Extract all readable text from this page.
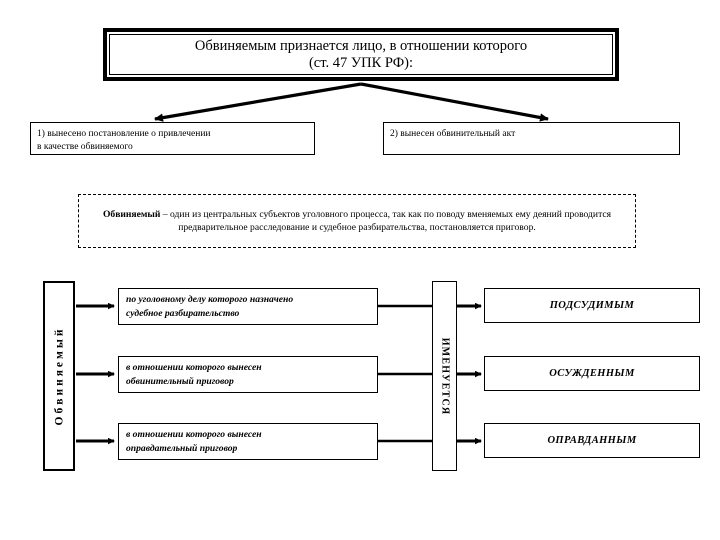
Обвиняемым признается лицо, в отношении которого
(ст. 47 УПК РФ):
1) вынесено постановление о привлечении
в качестве обвиняемого
2) вынесен обвинительный акт
Обвиняемый – один из центральных субъектов уголовного процесса, так как по поводу вменяемых ему деяний проводится предварительное расследование и судебное разбирательства, постановляется приговор.
Обвиняемый
по уголовному делу которого назначено
судебное разбирательство
в отношении которого вынесен
обвинительный приговор
в отношении которого вынесен
оправдательный приговор
ИМЕНУЕТСЯ
ПОДСУДИМЫМ
ОСУЖДЕННЫМ
ОПРАВДАННЫМ
